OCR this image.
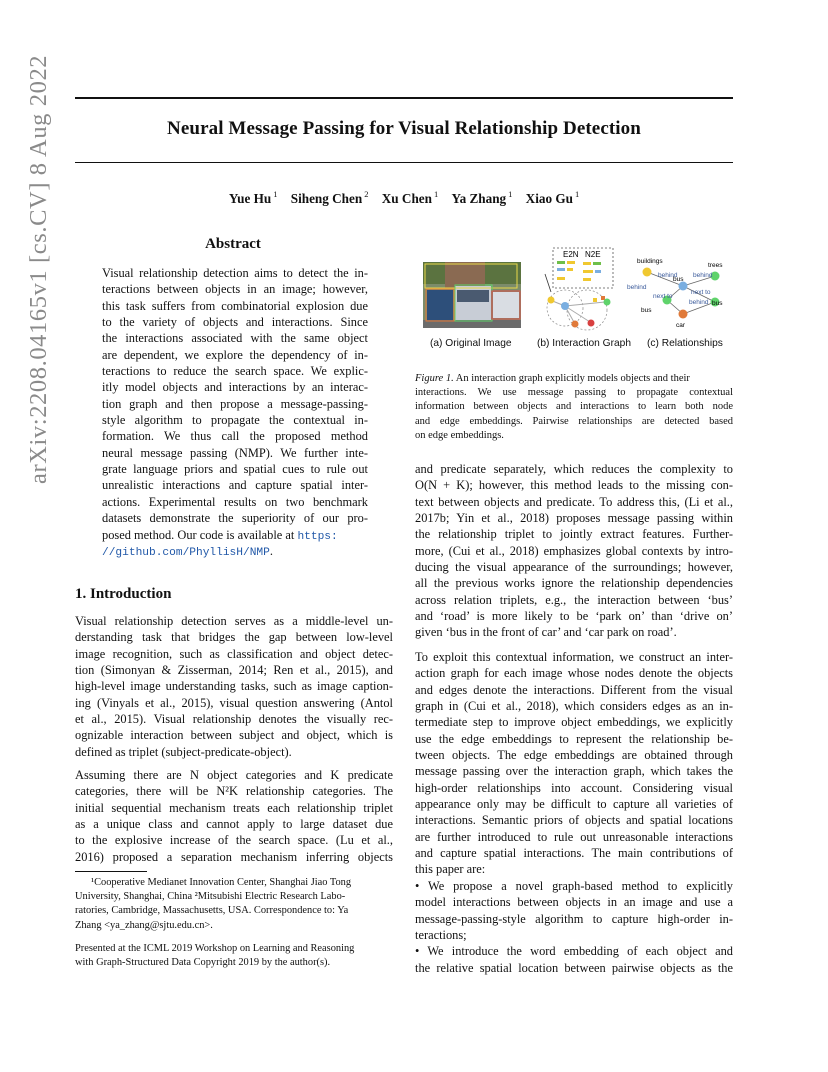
Neural Message Passing for Visual Relationship Detection
Yue Hu $^1$ Siheng Chen $^2$ Xu Chen $^1$ Ya Zhang $^1$ Xiao Gu $^1$
arXiv:2208.04165v1 [cs.CV] 8 Aug 2022	Abstract
Visual relationship detection aims to detect the in-
teractions between objects in an image; however,
this task suffers from combinatorial explosion due
to the variety of objects and interactions. Since
the interactions associated with the same object
are dependent, we explore the dependency of in-
teractions to reduce the search space. We explic-
itly model objects and interactions by an interac-
tion graph and then propose a message-passing-
style algorithm to propagate the contextual in-
formation. We thus call the proposed method
neural message passing (NMP). We further inte-
grate language priors and spatial cues to rule out
unrealistic interactions and capture spatial inter-
actions. Experimental results on two benchmark
datasets demonstrate the superiority of our pro-
posed method. Our code is available at https:
//github.com/PhyllisH/NMP.
1. Introduction
Visual relationship detection serves as a middle-level un-
derstanding task that bridges the gap between low-level
image recognition, such as classification and object detec-
tion (Simonyan & Zisserman, 2014; Ren et al., 2015), and
high-level image understanding tasks, such as image caption-
ing (Vinyals et al., 2015), visual question answering (Antol
et al., 2015). Visual relationship denotes the visually rec-
ognizable interaction between subject and object, which is
defined as triplet (subject-predicate-object).
Assuming there are N object categories and K predicate
categories, there will be N²K relationship categories. The
initial sequential mechanism treats each relationship triplet
as a unique class and cannot apply to large dataset due
to the explosive increase of the search space. (Lu et al.,
2016) proposed a separation mechanism inferring objects
¹Cooperative Medianet Innovation Center, Shanghai Jiao Tong
University, Shanghai, China ²Mitsubishi Electric Research Labo-
ratories, Cambridge, Massachusetts, USA. Correspondence to: Ya
Zhang <ya_zhang@sjtu.edu.cn>.
Presented at the ICML 2019 Workshop on Learning and Reasoning
with Graph-Structured Data Copyright 2019 by the author(s).
E2N N2E
buildings
trees
bus
bus
bus
car
behind behind
behind
behind
next to
next to
(a) Original Image (b) Interaction Graph (c) Relationships
Figure 1. An interaction graph explicitly models objects and their
interactions. We use message passing to propagate contextual
information between objects and interactions to learn both node
and edge embeddings. Pairwise relationships are detected based
on edge embeddings.
and predicate separately, which reduces the complexity to
O(N + K); however, this method leads to the missing con-
text between objects and predicate. To address this, (Li et al.,
2017b; Yin et al., 2018) proposes message passing within
the relationship triplet to jointly extract features. Further-
more, (Cui et al., 2018) emphasizes global contexts by intro-
ducing the visual appearance of the surroundings; however,
all the previous works ignore the relationship dependencies
across relation triplets, e.g., the interaction between ‘bus’
and ‘road’ is more likely to be ‘park on’ than ‘drive on’
given ‘bus in the front of car’ and ‘car park on road’.
To exploit this contextual information, we construct an inter-
action graph for each image whose nodes denote the objects
and edges denote the interactions. Different from the visual
graph in (Cui et al., 2018), which considers edges as an in-
termediate step to improve object embeddings, we explicitly
use the edge embeddings to represent the relationship be-
tween objects. The edge embeddings are obtained through
message passing over the interaction graph, which takes the
high-order relationships into account. Considering visual
appearance only may be difficult to capture all varieties of
interactions. Semantic priors of objects and spatial locations
are further introduced to rule out unreasonable interactions
and capture spatial interactions. The main contributions of
this paper are:
• We propose a novel graph-based method to explicitly
model interactions between objects in an image and use a
message-passing-style algorithm to capture high-order in-
teractions;
• We introduce the word embedding of each object and
the relative spatial location between pairwise objects as the
